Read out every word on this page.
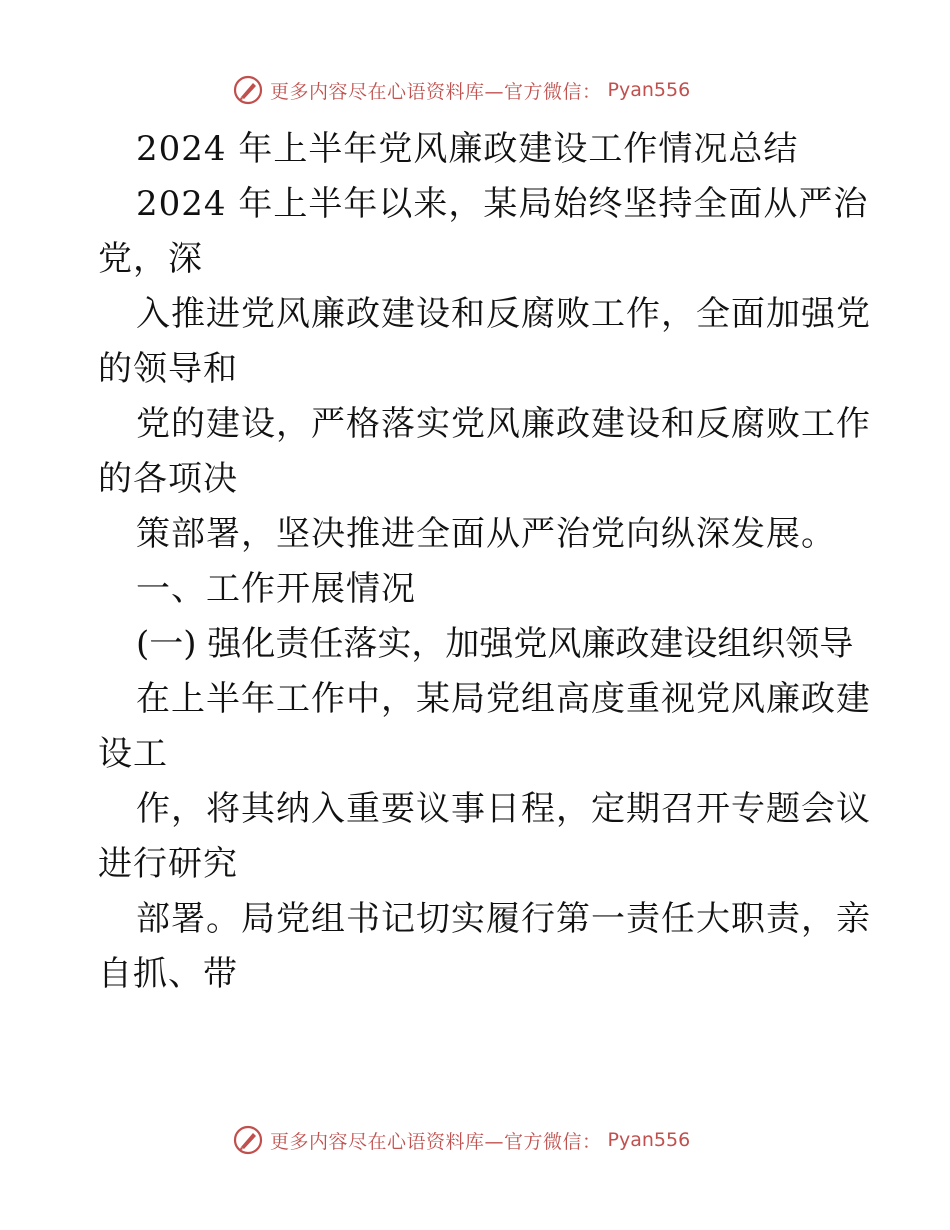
更多内容尽在心语资料库—官方微信： Pyan556
2024 年上半年党风廉政建设工作情况总结
2024 年上半年以来，某局始终坚持全面从严治
党，深
入推进党风廉政建设和反腐败工作，全面加强党
的领导和
党的建设，严格落实党风廉政建设和反腐败工作
的各项决
策部署，坚决推进全面从严治党向纵深发展。
一、工作开展情况
(一) 强化责任落实，加强党风廉政建设组织领导
在上半年工作中，某局党组高度重视党风廉政建
设工
作，将其纳入重要议事日程，定期召开专题会议
进行研究
部署。局党组书记切实履行第一责任大职责，亲
自抓、带
更多内容尽在心语资料库—官方微信： Pyan556
